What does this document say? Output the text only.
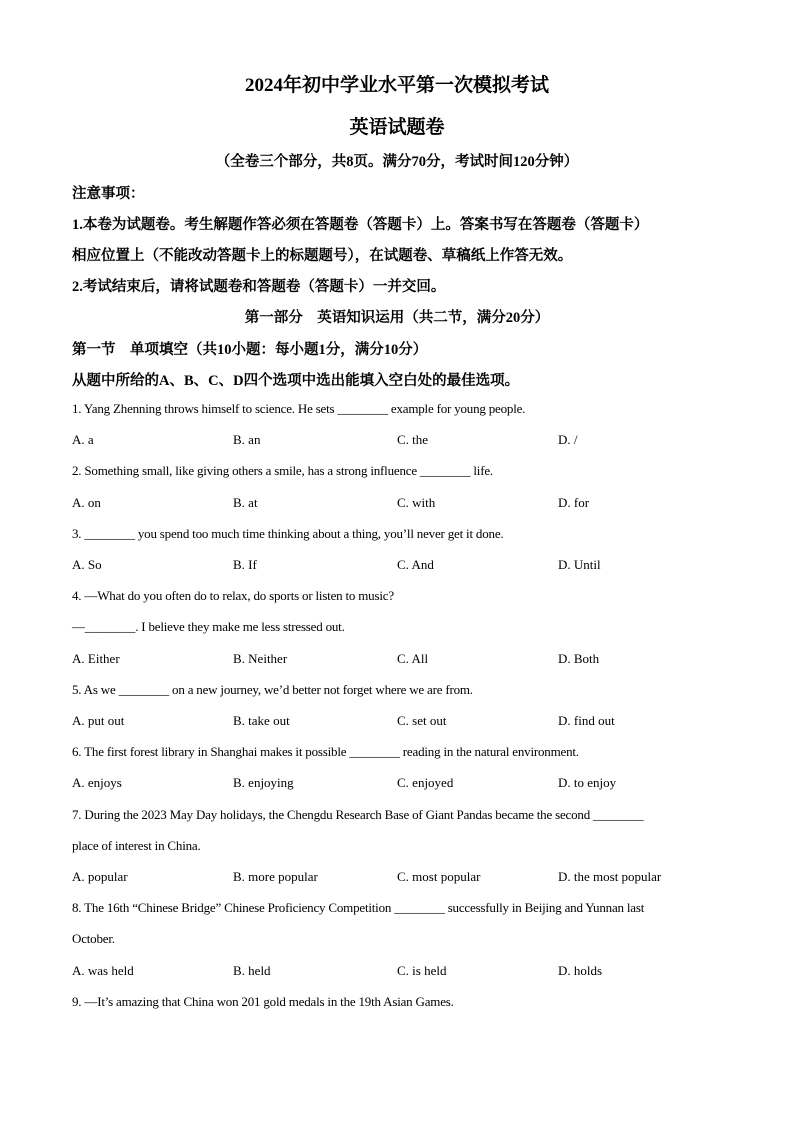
2024年初中学业水平第一次模拟考试
英语试题卷
（全卷三个部分，共8页。满分70分，考试时间120分钟）
注意事项：
1.本卷为试题卷。考生解题作答必须在答题卷（答题卡）上。答案书写在答题卷（答题卡）
相应位置上（不能改动答题卡上的标题题号），在试题卷、草稿纸上作答无效。
2.考试结束后，请将试题卷和答题卷（答题卡）一并交回。
第一部分　英语知识运用（共二节，满分20分）
第一节　单项填空（共10小题：每小题1分，满分10分）
从题中所给的A、B、C、D四个选项中选出能填入空白处的最佳选项。
1. Yang Zhenning throws himself to science. He sets ________ example for young people.
A. a	B. an	C. the	D. /
2. Something small, like giving others a smile, has a strong influence ________ life.
A. on	B. at	C. with	D. for
3. ________ you spend too much time thinking about a thing, you’ll never get it done.
A. So	B. If	C. And	D. Until
4. —What do you often do to relax, do sports or listen to music?
—________. I believe they make me less stressed out.
A. Either	B. Neither	C. All	D. Both
5. As we ________ on a new journey, we’d better not forget where we are from.
A. put out	B. take out	C. set out	D. find out
6. The first forest library in Shanghai makes it possible ________ reading in the natural environment.
A. enjoys	B. enjoying	C. enjoyed	D. to enjoy
7. During the 2023 May Day holidays, the Chengdu Research Base of Giant Pandas became the second ________
place of interest in China.
A. popular	B. more popular	C. most popular	D. the most popular
8. The 16th “Chinese Bridge” Chinese Proficiency Competition ________ successfully in Beijing and Yunnan last
October.
A. was held	B. held	C. is held	D. holds
9. —It’s amazing that China won 201 gold medals in the 19th Asian Games.
